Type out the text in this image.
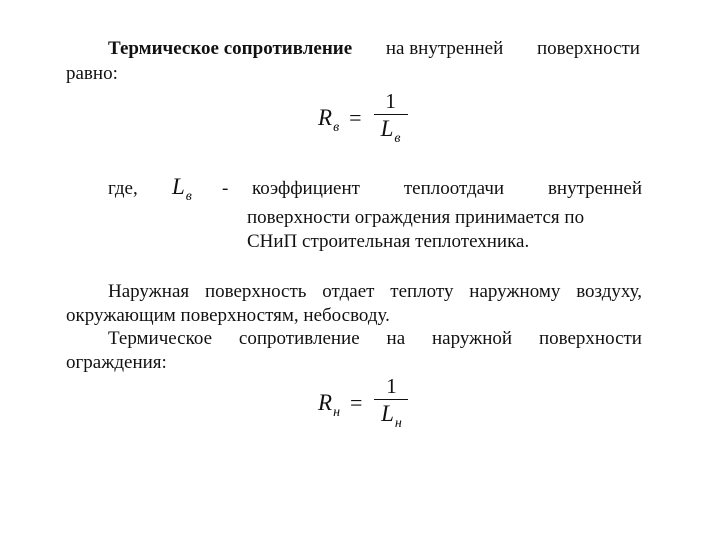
Термическое сопротивление на внутренней поверхности
равно:
$R_в = \frac{1}{L_в}$
где, $L_в$ - коэффициент теплоотдачи внутренней
поверхности ограждения принимается по
СНиП строительная теплотехника.
Наружная поверхность отдает теплоту наружному воздуху,
окружающим поверхностям, небосводу.
Термическое сопротивление на наружной поверхности
ограждения:
$R_н = \frac{1}{L_н}$
